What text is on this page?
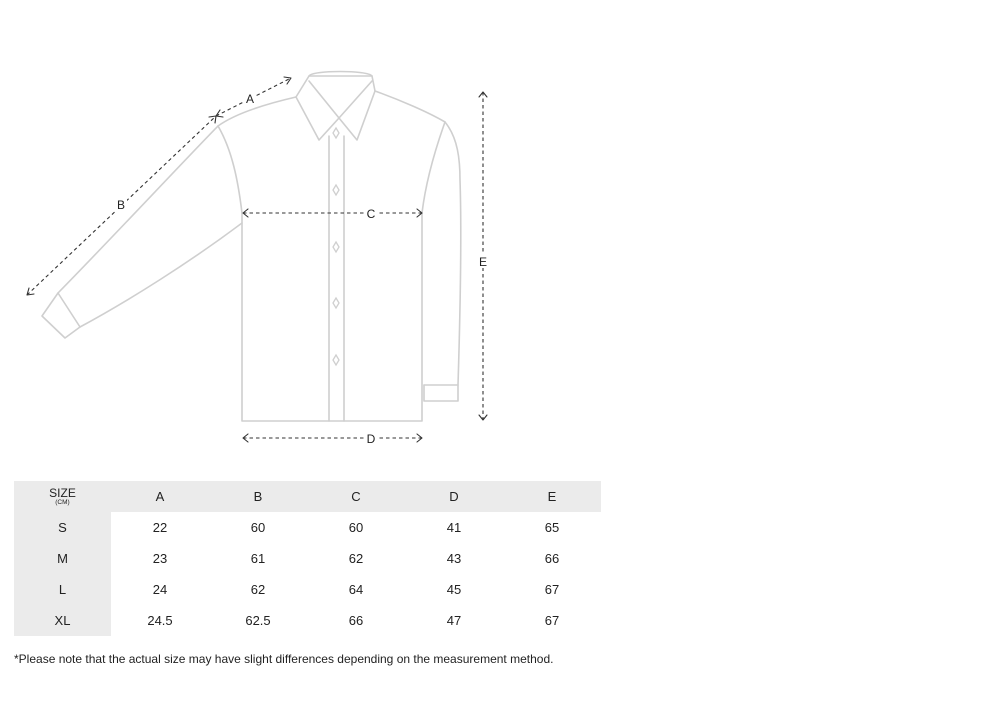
A
B
C
D
E
SIZE
(CM)	A	B	C	D	E
S	22	60	60	41	65
M	23	61	62	43	66
L	24	62	64	45	67
XL	24.5	62.5	66	47	67
*Please note that the actual size may have slight differences depending on the measurement method.
